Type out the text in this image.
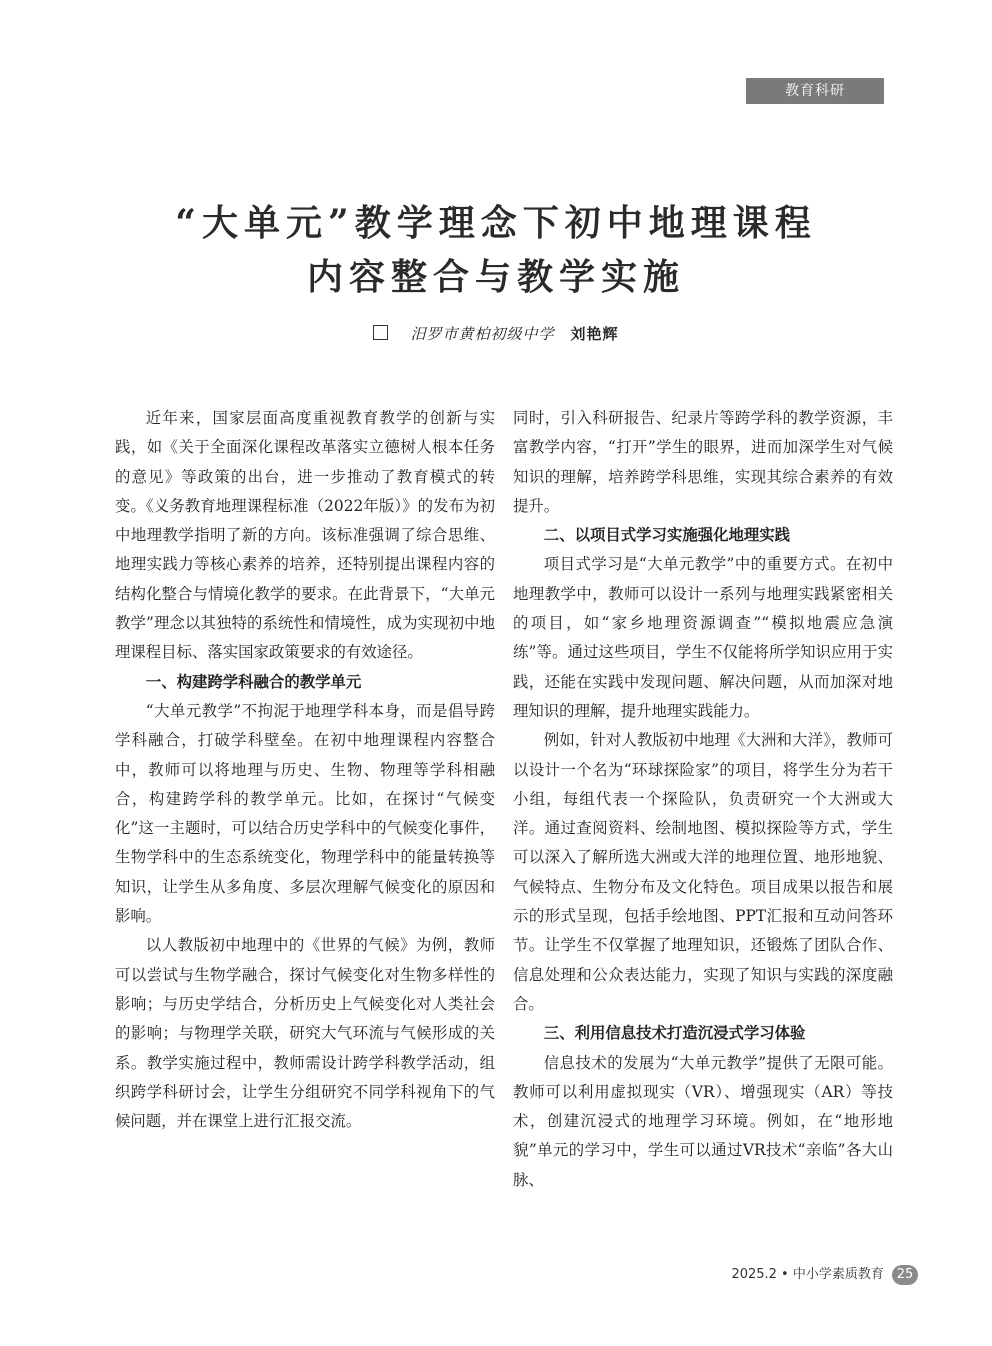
教育科研
“大单元”教学理念下初中地理课程
内容整合与教学实施
汨罗市黄柏初级中学 刘艳辉

近年来，国家层面高度重视教育教学的创新与实践，如《关于全面深化课程改革落实立德树人根本任务的意见》等政策的出台，进一步推动了教育模式的转变。《义务教育地理课程标准（2022年版）》的发布为初中地理教学指明了新的方向。该标准强调了综合思维、地理实践力等核心素养的培养，还特别提出课程内容的结构化整合与情境化教学的要求。在此背景下，“大单元教学”理念以其独特的系统性和情境性，成为实现初中地理课程目标、落实国家政策要求的有效途径。

一、构建跨学科融合的教学单元

“大单元教学”不拘泥于地理学科本身，而是倡导跨学科融合，打破学科壁垒。在初中地理课程内容整合中，教师可以将地理与历史、生物、物理等学科相融合，构建跨学科的教学单元。比如，在探讨“气候变化”这一主题时，可以结合历史学科中的气候变化事件，生物学科中的生态系统变化，物理学科中的能量转换等知识，让学生从多角度、多层次理解气候变化的原因和影响。

以人教版初中地理中的《世界的气候》为例，教师可以尝试与生物学融合，探讨气候变化对生物多样性的影响；与历史学结合，分析历史上气候变化对人类社会的影响；与物理学关联，研究大气环流与气候形成的关系。教学实施过程中，教师需设计跨学科教学活动，组织跨学科研讨会，让学生分组研究不同学科视角下的气候问题，并在课堂上进行汇报交流。

同时，引入科研报告、纪录片等跨学科的教学资源，丰富教学内容，“打开”学生的眼界，进而加深学生对气候知识的理解，培养跨学科思维，实现其综合素养的有效提升。

二、以项目式学习实施强化地理实践

项目式学习是“大单元教学”中的重要方式。在初中地理教学中，教师可以设计一系列与地理实践紧密相关的项目，如“家乡地理资源调查”“模拟地震应急演练”等。通过这些项目，学生不仅能将所学知识应用于实践，还能在实践中发现问题、解决问题，从而加深对地理知识的理解，提升地理实践能力。

例如，针对人教版初中地理《大洲和大洋》，教师可以设计一个名为“环球探险家”的项目，将学生分为若干小组，每组代表一个探险队，负责研究一个大洲或大洋。通过查阅资料、绘制地图、模拟探险等方式，学生可以深入了解所选大洲或大洋的地理位置、地形地貌、气候特点、生物分布及文化特色。项目成果以报告和展示的形式呈现，包括手绘地图、PPT汇报和互动问答环节。让学生不仅掌握了地理知识，还锻炼了团队合作、信息处理和公众表达能力，实现了知识与实践的深度融合。

三、利用信息技术打造沉浸式学习体验

信息技术的发展为“大单元教学”提供了无限可能。教师可以利用虚拟现实（VR）、增强现实（AR）等技术，创建沉浸式的地理学习环境。例如，在“地形地貌”单元的学习中，学生可以通过VR技术“亲临”各大山脉、

2025.2 • 中小学素质教育 25
